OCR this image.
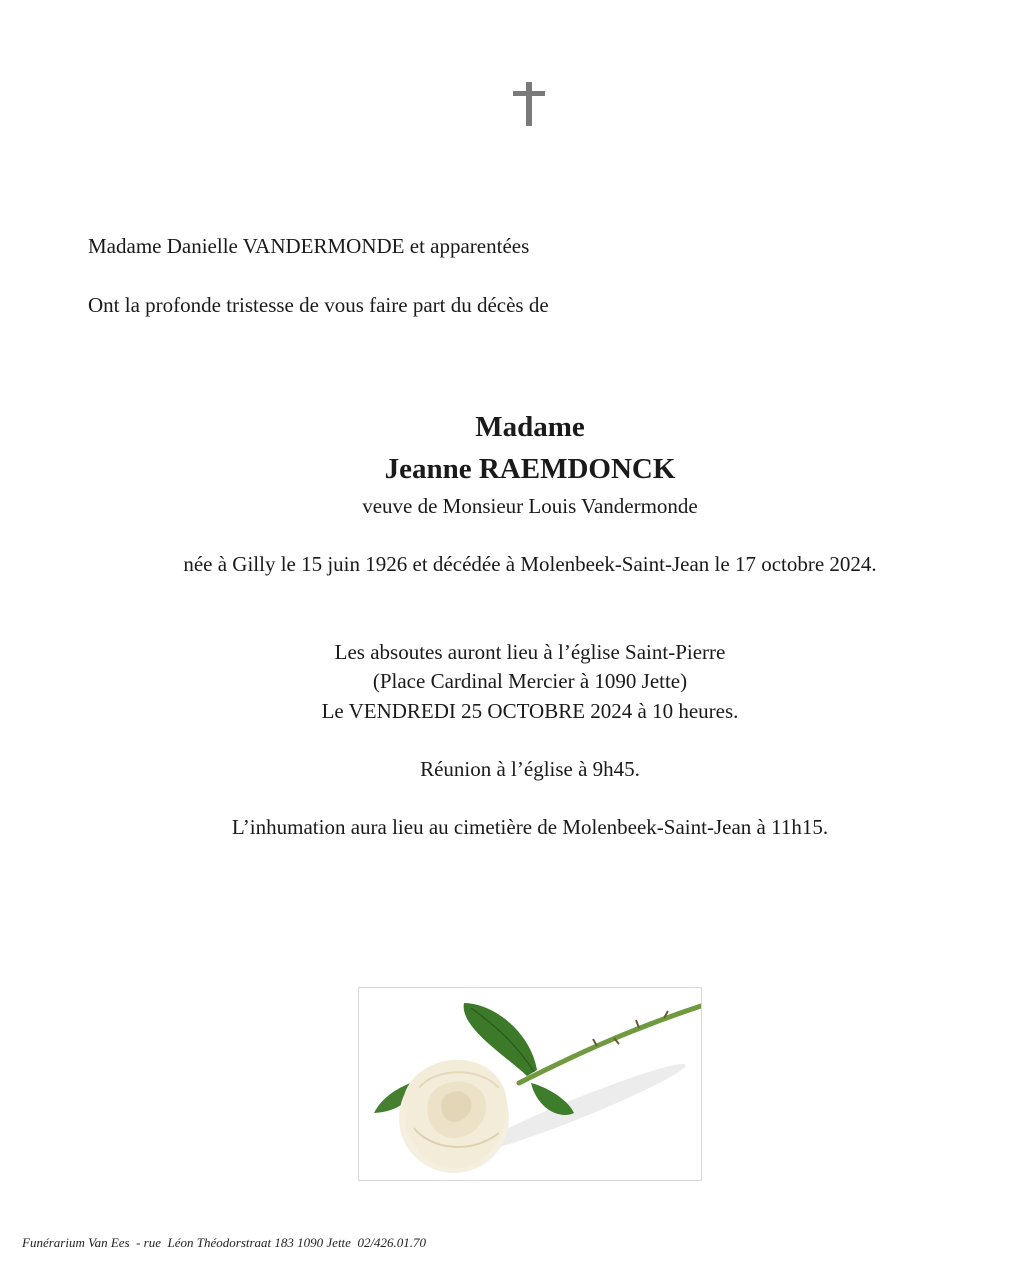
Madame Danielle VANDERMONDE et apparentées
Ont la profonde tristesse de vous faire part du décès de
Madame
Jeanne RAEMDONCK
veuve de Monsieur Louis Vandermonde
née à Gilly le 15 juin 1926 et décédée à Molenbeek-Saint-Jean le 17 octobre 2024.
Les absoutes auront lieu à l’église Saint-Pierre
(Place Cardinal Mercier à 1090 Jette)
Le VENDREDI 25 OCTOBRE 2024 à 10 heures.
Réunion à l’église à 9h45.
L’inhumation aura lieu au cimetière de Molenbeek-Saint-Jean à 11h15.
Funérarium Van Ees  - rue  Léon Théodorstraat 183 1090 Jette  02/426.01.70
